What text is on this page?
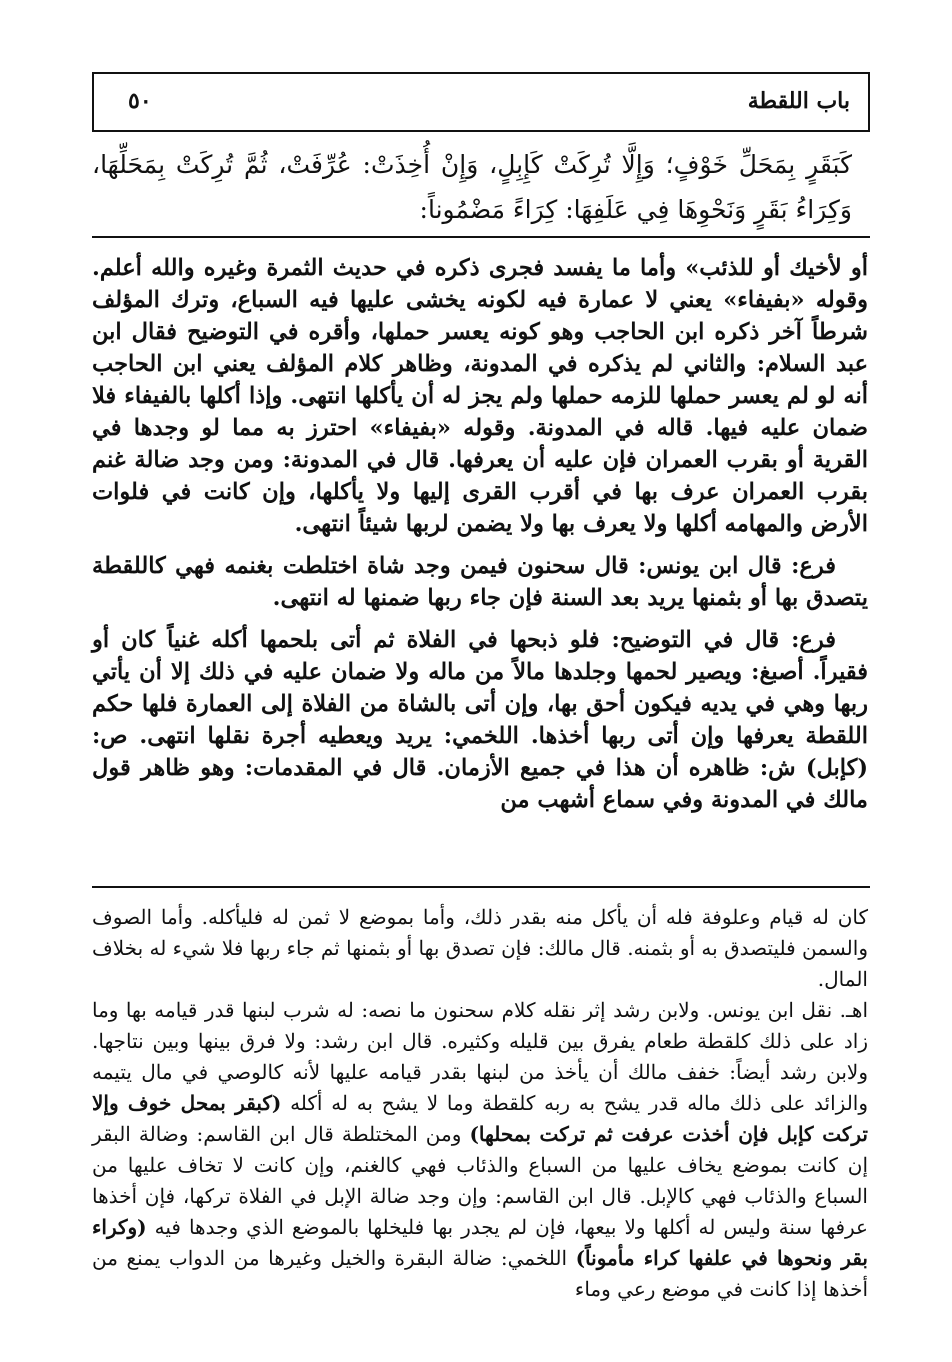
٥٠	باب اللقطة
كَبَقَرٍ بِمَحَلِّ خَوْفٍ؛ وَإِلَّا تُرِكَتْ كَإِبِلٍ، وَإِنْ أُخِذَتْ: عُرِّفَتْ، ثُمَّ تُرِكَتْ بِمَحَلِّهَا، وَكِرَاءُ بَقَرٍ وَنَحْوِهَا فِي عَلَفِهَا: كِرَاءً مَضْمُوناً:

أو لأخيك أو للذئب» وأما ما يفسد فجرى ذكره في حديث الثمرة وغيره والله أعلم. وقوله «بفيفاء» يعني لا عمارة فيه لكونه يخشى عليها فيه السباع، وترك المؤلف شرطاً آخر ذكره ابن الحاجب وهو كونه يعسر حملها، وأقره في التوضيح فقال ابن عبد السلام: والثاني لم يذكره في المدونة، وظاهر كلام المؤلف يعني ابن الحاجب أنه لو لم يعسر حملها للزمه حملها ولم يجز له أن يأكلها انتهى. وإذا أكلها بالفيفاء فلا ضمان عليه فيها. قاله في المدونة. وقوله «بفيفاء» احترز به مما لو وجدها في القرية أو بقرب العمران فإن عليه أن يعرفها. قال في المدونة: ومن وجد ضالة غنم بقرب العمران عرف بها في أقرب القرى إليها ولا يأكلها، وإن كانت في فلوات الأرض والمهامه أكلها ولا يعرف بها ولا يضمن لربها شيئاً انتهى.

فرع: قال ابن يونس: قال سحنون فيمن وجد شاة اختلطت بغنمه فهي كاللقطة يتصدق بها أو بثمنها يريد بعد السنة فإن جاء ربها ضمنها له انتهى.

فرع: قال في التوضيح: فلو ذبحها في الفلاة ثم أتى بلحمها أكله غنياً كان أو فقيراً. أصبغ: ويصير لحمها وجلدها مالاً من ماله ولا ضمان عليه في ذلك إلا أن يأتي ربها وهي في يديه فيكون أحق بها، وإن أتى بالشاة من الفلاة إلى العمارة فلها حكم اللقطة يعرفها وإن أتى ربها أخذها. اللخمي: يريد ويعطيه أجرة نقلها انتهى. ص: (كإبل) ش: ظاهره أن هذا في جميع الأزمان. قال في المقدمات: وهو ظاهر قول مالك في المدونة وفي سماع أشهب من

كان له قيام وعلوفة فله أن يأكل منه بقدر ذلك، وأما بموضع لا ثمن له فليأكله. وأما الصوف والسمن فليتصدق به أو بثمنه. قال مالك: فإن تصدق بها أو بثمنها ثم جاء ربها فلا شيء له بخلاف المال.

اهـ. نقل ابن يونس. ولابن رشد إثر نقله كلام سحنون ما نصه: له شرب لبنها قدر قيامه بها وما زاد على ذلك كلقطة طعام يفرق بين قليله وكثيره. قال ابن رشد: ولا فرق بينها وبين نتاجها. ولابن رشد أيضاً: خفف مالك أن يأخذ من لبنها بقدر قيامه عليها لأنه كالوصي في مال يتيمه والزائد على ذلك ماله قدر يشح به ربه كلقطة وما لا يشح به له أكله (كبقر بمحل خوف وإلا تركت كإبل فإن أخذت عرفت ثم تركت بمحلها) ومن المختلطة قال ابن القاسم: وضالة البقر إن كانت بموضع يخاف عليها من السباع والذئاب فهي كالغنم، وإن كانت لا تخاف عليها من السباع والذئاب فهي كالإبل. قال ابن القاسم: وإن وجد ضالة الإبل في الفلاة تركها، فإن أخذها عرفها سنة وليس له أكلها ولا بيعها، فإن لم يجدر بها فليخلها بالموضع الذي وجدها فيه (وكراء بقر ونحوها في علفها كراء مأموناً) اللخمي: ضالة البقرة والخيل وغيرها من الدواب يمنع من أخذها إذا كانت في موضع رعي وماء
